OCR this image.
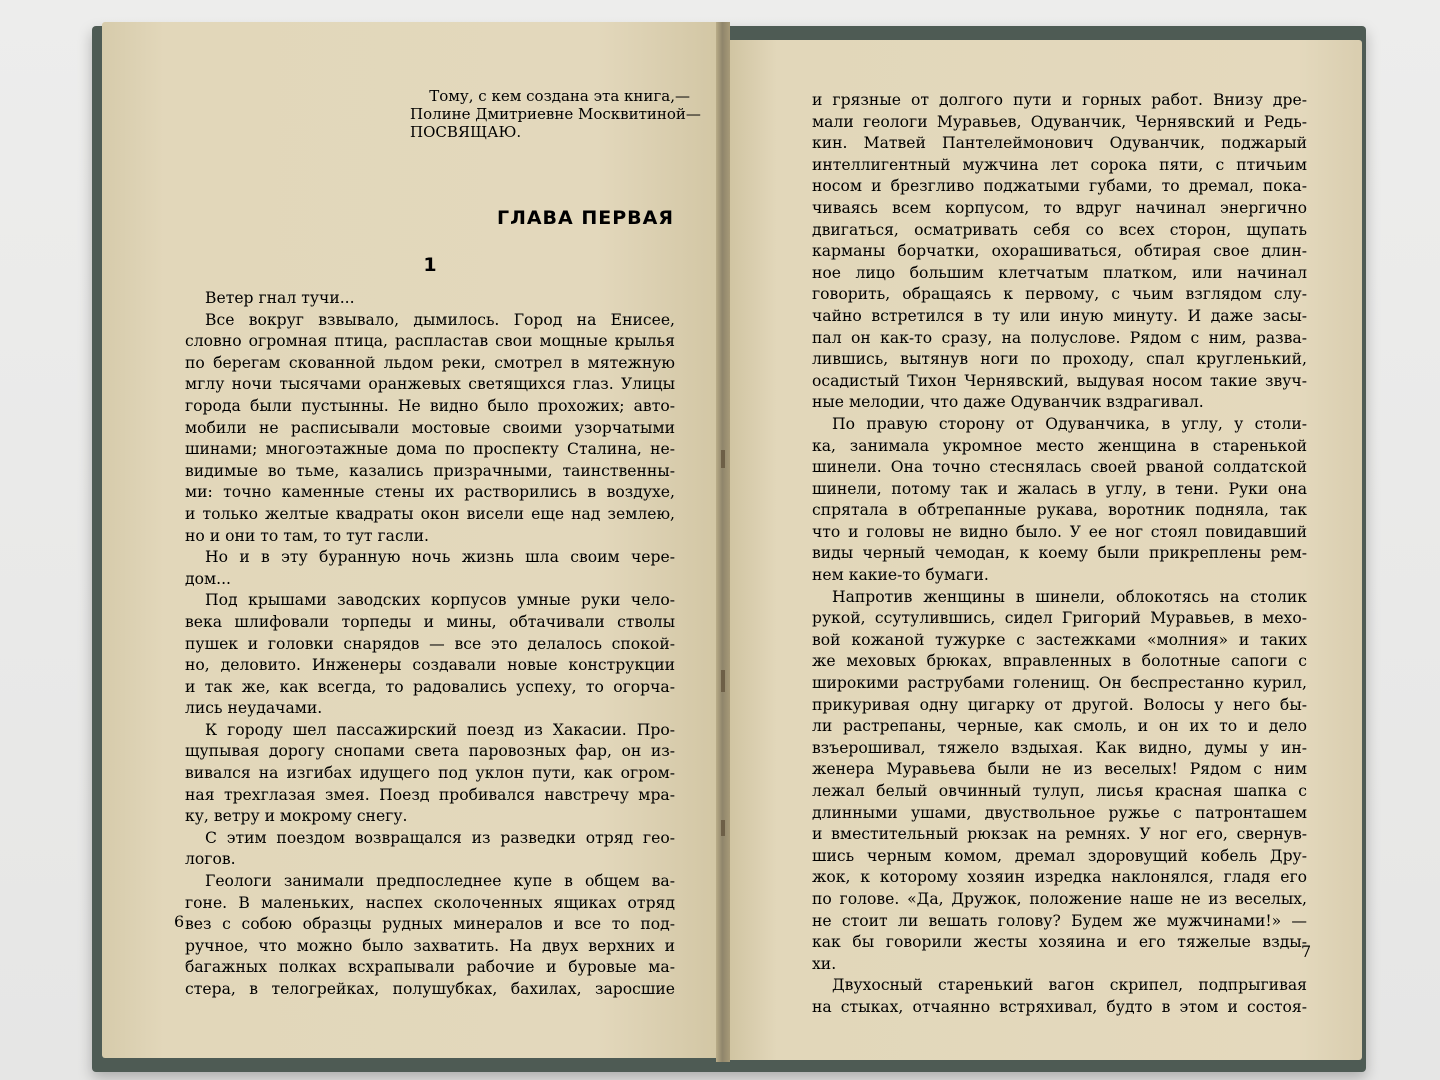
Тому, с кем создана эта книга,—
Полине Дмитриевне Москвитиной—
ПОСВЯЩАЮ.
ГЛАВА ПЕРВАЯ
1
Ветер гнал тучи...
Все вокруг взвывало, дымилось. Город на Енисее,
словно огромная птица, распластав свои мощные крылья
по берегам скованной льдом реки, смотрел в мятежную
мглу ночи тысячами оранжевых светящихся глаз. Улицы
города были пустынны. Не видно было прохожих; авто-
мобили не расписывали мостовые своими узорчатыми
шинами; многоэтажные дома по проспекту Сталина, не-
видимые во тьме, казались призрачными, таинственны-
ми: точно каменные стены их растворились в воздухе,
и только желтые квадраты окон висели еще над землею,
но и они то там, то тут гасли.
Но и в эту буранную ночь жизнь шла своим чере-
дом...
Под крышами заводских корпусов умные руки чело-
века шлифовали торпеды и мины, обтачивали стволы
пушек и головки снарядов — все это делалось спокой-
но, деловито. Инженеры создавали новые конструкции
и так же, как всегда, то радовались успеху, то огорча-
лись неудачами.
К городу шел пассажирский поезд из Хакасии. Про-
щупывая дорогу снопами света паровозных фар, он из-
вивался на изгибах идущего под уклон пути, как огром-
ная трехглазая змея. Поезд пробивался навстречу мра-
ку, ветру и мокрому снегу.
С этим поездом возвращался из разведки отряд гео-
логов.
Геологи занимали предпоследнее купе в общем ва-
гоне. В маленьких, наспех сколоченных ящиках отряд
вез с собою образцы рудных минералов и все то под-
ручное, что можно было захватить. На двух верхних и
багажных полках всхрапывали рабочие и буровые ма-
стера, в телогрейках, полушубках, бахилах, заросшие
и грязные от долгого пути и горных работ. Внизу дре-
мали геологи Муравьев, Одуванчик, Чернявский и Редь-
кин. Матвей Пантелеймонович Одуванчик, поджарый
интеллигентный мужчина лет сорока пяти, с птичьим
носом и брезгливо поджатыми губами, то дремал, пока-
чиваясь всем корпусом, то вдруг начинал энергично
двигаться, осматривать себя со всех сторон, щупать
карманы борчатки, охорашиваться, обтирая свое длин-
ное лицо большим клетчатым платком, или начинал
говорить, обращаясь к первому, с чьим взглядом слу-
чайно встретился в ту или иную минуту. И даже засы-
пал он как-то сразу, на полуслове. Рядом с ним, разва-
лившись, вытянув ноги по проходу, спал кругленький,
осадистый Тихон Чернявский, выдувая носом такие звуч-
ные мелодии, что даже Одуванчик вздрагивал.
По правую сторону от Одуванчика, в углу, у столи-
ка, занимала укромное место женщина в старенькой
шинели. Она точно стеснялась своей рваной солдатской
шинели, потому так и жалась в углу, в тени. Руки она
спрятала в обтрепанные рукава, воротник подняла, так
что и головы не видно было. У ее ног стоял повидавший
виды черный чемодан, к коему были прикреплены рем-
нем какие-то бумаги.
Напротив женщины в шинели, облокотясь на столик
рукой, ссутулившись, сидел Григорий Муравьев, в мехо-
вой кожаной тужурке с застежками «молния» и таких
же меховых брюках, вправленных в болотные сапоги с
широкими раструбами голенищ. Он беспрестанно курил,
прикуривая одну цигарку от другой. Волосы у него бы-
ли растрепаны, черные, как смоль, и он их то и дело
взъерошивал, тяжело вздыхая. Как видно, думы у ин-
женера Муравьева были не из веселых! Рядом с ним
лежал белый овчинный тулуп, лисья красная шапка с
длинными ушами, двуствольное ружье с патронташем
и вместительный рюкзак на ремнях. У ног его, свернув-
шись черным комом, дремал здоровущий кобель Дру-
жок, к которому хозяин изредка наклонялся, гладя его
по голове. «Да, Дружок, положение наше не из веселых,
не стоит ли вешать голову? Будем же мужчинами!» —
как бы говорили жесты хозяина и его тяжелые взды-
хи.
Двухосный старенький вагон скрипел, подпрыгивая
на стыках, отчаянно встряхивал, будто в этом и состоя-
6
7
